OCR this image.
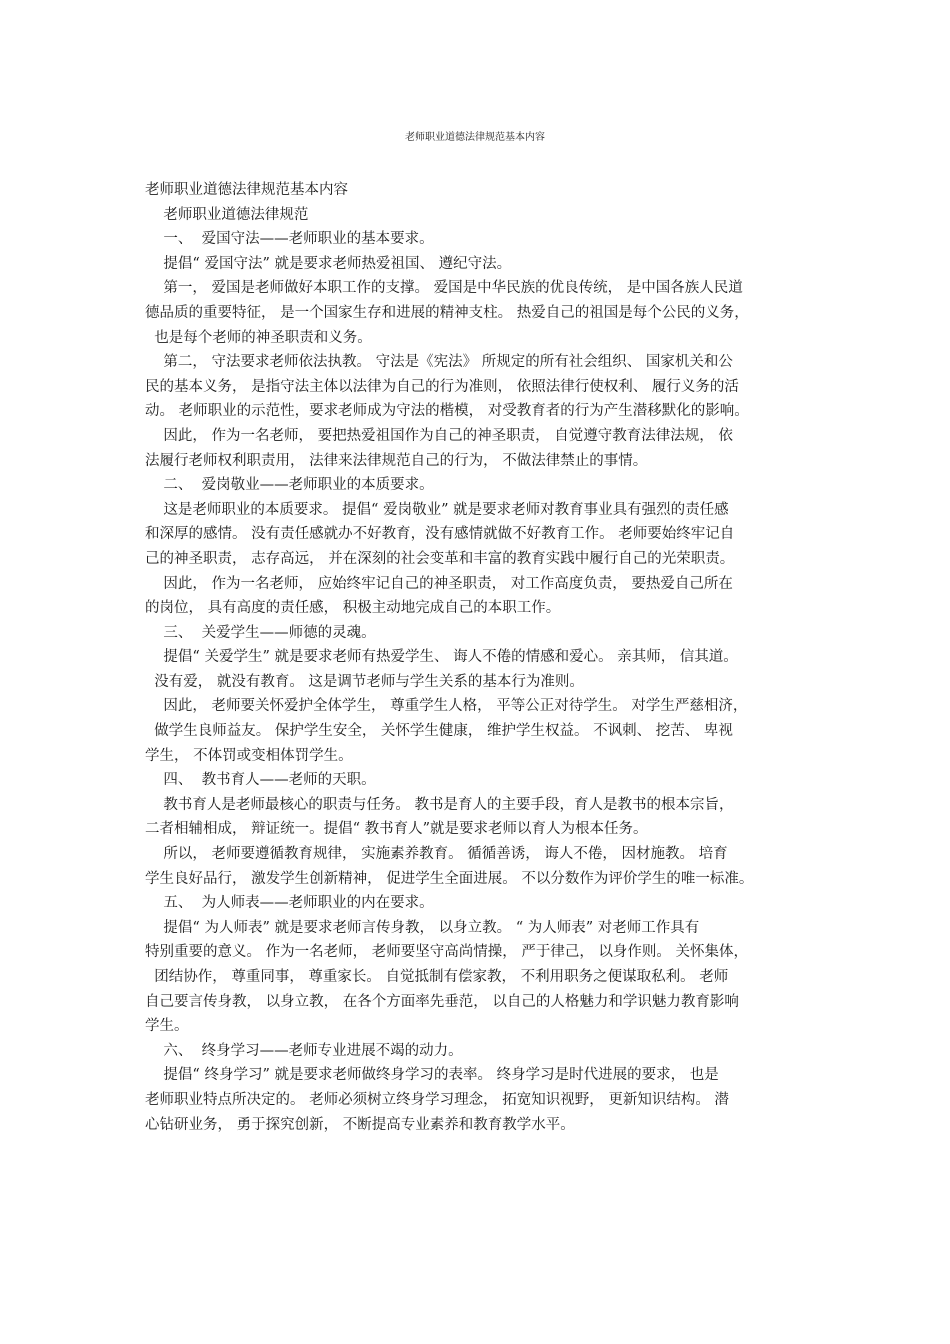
老师职业道德法律规范基本内容
老师职业道德法律规范基本内容
老师职业道德法律规范
一、  爱国守法——老师职业的基本要求。
提倡“ 爱国守法” 就是要求老师热爱祖国、 遵纪守法。
第一， 爱国是老师做好本职工作的支撑。 爱国是中华民族的优良传统， 是中国各族人民道
德品质的重要特征， 是一个国家生存和进展的精神支柱。 热爱自己的祖国是每个公民的义务，
也是每个老师的神圣职责和义务。
第二， 守法要求老师依法执教。 守法是《宪法》 所规定的所有社会组织、 国家机关和公
民的基本义务， 是指守法主体以法律为自己的行为准则， 依照法律行使权利、 履行义务的活
动。 老师职业的示范性，要求老师成为守法的楷模， 对受教育者的行为产生潜移默化的影响。
因此， 作为一名老师， 要把热爱祖国作为自己的神圣职责， 自觉遵守教育法律法规， 依
法履行老师权利职责用， 法律来法律规范自己的行为， 不做法律禁止的事情。
二、  爱岗敬业——老师职业的本质要求。
这是老师职业的本质要求。 提倡“ 爱岗敬业” 就是要求老师对教育事业具有强烈的责任感
和深厚的感情。 没有责任感就办不好教育，没有感情就做不好教育工作。 老师要始终牢记自
己的神圣职责， 志存高远， 并在深刻的社会变革和丰富的教育实践中履行自己的光荣职责。
因此， 作为一名老师， 应始终牢记自己的神圣职责， 对工作高度负责， 要热爱自己所在
的岗位， 具有高度的责任感， 积极主动地完成自己的本职工作。
三、  关爱学生——师德的灵魂。
提倡“ 关爱学生” 就是要求老师有热爱学生、 诲人不倦的情感和爱心。 亲其师， 信其道。
没有爱， 就没有教育。 这是调节老师与学生关系的基本行为准则。
因此， 老师要关怀爱护全体学生， 尊重学生人格， 平等公正对待学生。 对学生严慈相济，
做学生良师益友。 保护学生安全， 关怀学生健康， 维护学生权益。 不讽刺、 挖苦、 卑视
学生， 不体罚或变相体罚学生。
四、  教书育人——老师的天职。
教书育人是老师最核心的职责与任务。 教书是育人的主要手段，育人是教书的根本宗旨，
二者相辅相成， 辩证统一。提倡“ 教书育人”就是要求老师以育人为根本任务。
所以， 老师要遵循教育规律， 实施素养教育。 循循善诱， 诲人不倦， 因材施教。 培育
学生良好品行， 激发学生创新精神， 促进学生全面进展。 不以分数作为评价学生的唯一标准。
五、  为人师表——老师职业的内在要求。
提倡“ 为人师表” 就是要求老师言传身教， 以身立教。 “ 为人师表” 对老师工作具有
特别重要的意义。 作为一名老师， 老师要坚守高尚情操， 严于律己， 以身作则。 关怀集体，
团结协作， 尊重同事， 尊重家长。 自觉抵制有偿家教， 不利用职务之便谋取私利。 老师
自己要言传身教， 以身立教， 在各个方面率先垂范， 以自己的人格魅力和学识魅力教育影响
学生。
六、  终身学习——老师专业进展不竭的动力。
提倡“ 终身学习” 就是要求老师做终身学习的表率。 终身学习是时代进展的要求， 也是
老师职业特点所决定的。 老师必须树立终身学习理念， 拓宽知识视野， 更新知识结构。 潜
心钻研业务， 勇于探究创新， 不断提高专业素养和教育教学水平。
